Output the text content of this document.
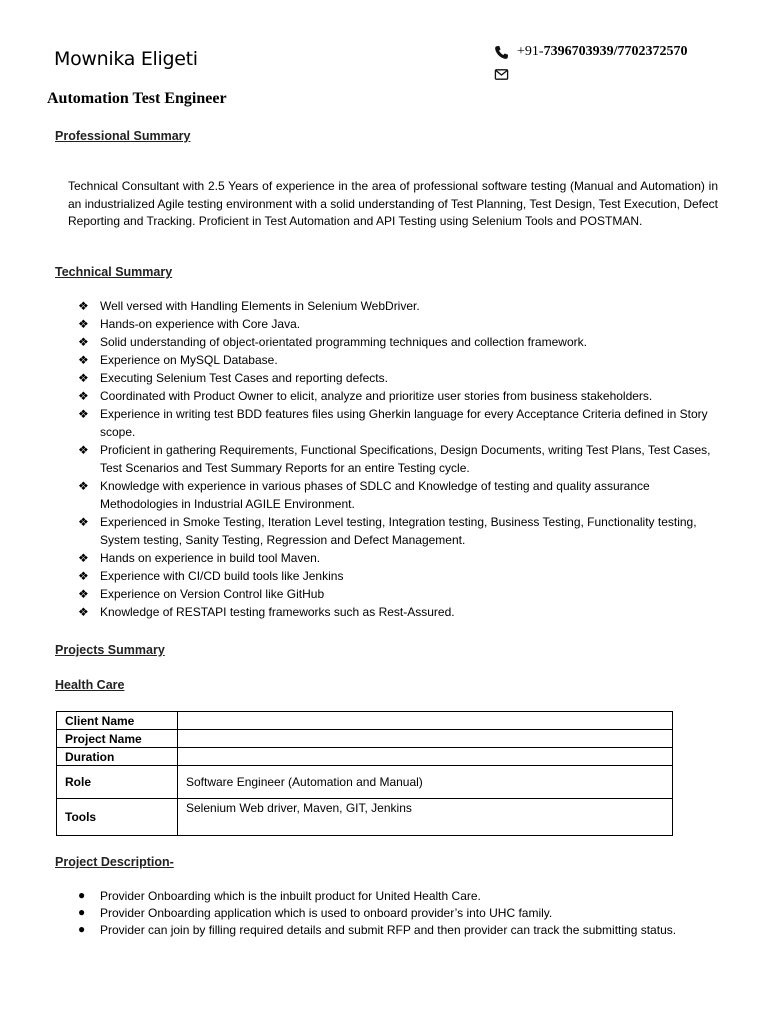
Mownika Eligeti	+91- 7396703939/7702372570
Automation Test Engineer
Professional Summary
Technical Consultant with 2.5 Years of experience in the area of professional software testing (Manual and Automation) in an industrialized Agile testing environment with a solid understanding of Test Planning, Test Design, Test Execution, Defect Reporting and Tracking. Proficient in Test Automation and API Testing using Selenium Tools and POSTMAN.
Technical Summary
❖ Well versed with Handling Elements in Selenium WebDriver.
❖ Hands-on experience with Core Java.
❖ Solid understanding of object-orientated programming techniques and collection framework.
❖ Experience on MySQL Database.
❖ Executing Selenium Test Cases and reporting defects.
❖ Coordinated with Product Owner to elicit, analyze and prioritize user stories from business stakeholders.
❖ Experience in writing test BDD features files using Gherkin language for every Acceptance Criteria defined in Story scope.
❖ Proficient in gathering Requirements, Functional Specifications, Design Documents, writing Test Plans, Test Cases, Test Scenarios and Test Summary Reports for an entire Testing cycle.
❖ Knowledge with experience in various phases of SDLC and Knowledge of testing and quality assurance Methodologies in Industrial AGILE Environment.
❖ Experienced in Smoke Testing, Iteration Level testing, Integration testing, Business Testing, Functionality testing, System testing, Sanity Testing, Regression and Defect Management.
❖ Hands on experience in build tool Maven.
❖ Experience with CI/CD build tools like Jenkins
❖ Experience on Version Control like GitHub
❖ Knowledge of RESTAPI testing frameworks such as Rest-Assured.
Projects Summary
Health Care
Client Name	
Project Name	
Duration	
Role	Software Engineer (Automation and Manual)
Tools	Selenium Web driver, Maven, GIT, Jenkins
Project Description-
● Provider Onboarding which is the inbuilt product for United Health Care.
● Provider Onboarding application which is used to onboard provider’s into UHC family.
● Provider can join by filling required details and submit RFP and then provider can track the submitting status.
